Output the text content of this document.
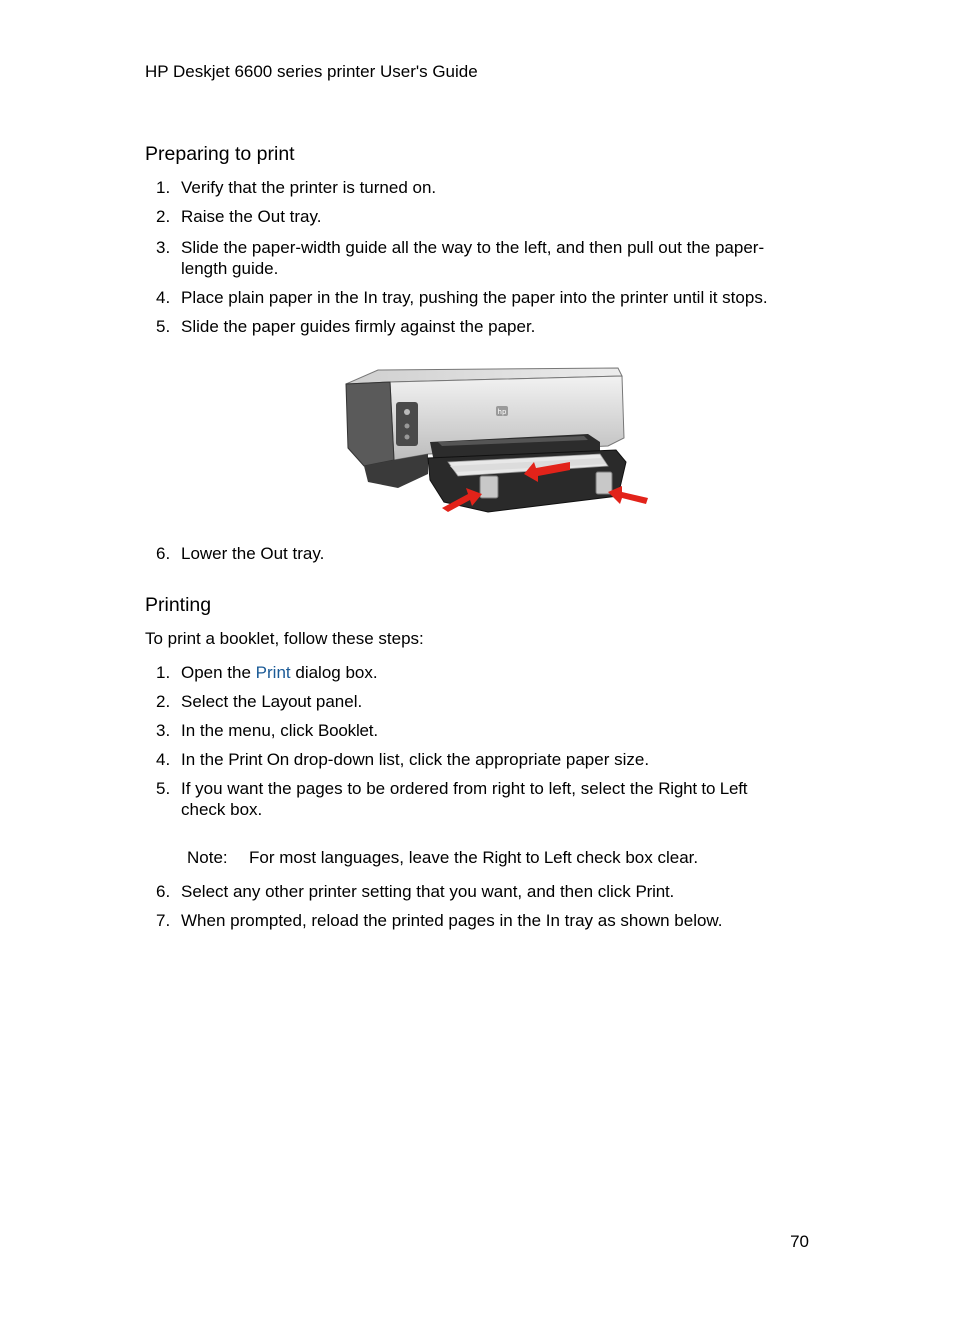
HP Deskjet 6600 series printer User's Guide
Preparing to print
1. Verify that the printer is turned on.
2. Raise the Out tray.
3. Slide the paper-width guide all the way to the left, and then pull out the paper-
length guide.
4. Place plain paper in the In tray, pushing the paper into the printer until it stops.
5. Slide the paper guides firmly against the paper.
hp
6. Lower the Out tray.
Printing
To print a booklet, follow these steps:
1. Open the Print dialog box.
2. Select the Layout panel.
3. In the menu, click Booklet.
4. In the Print On drop-down list, click the appropriate paper size.
5. If you want the pages to be ordered from right to left, select the Right to Left
check box.
Note: For most languages, leave the Right to Left check box clear.
6. Select any other printer setting that you want, and then click Print.
7. When prompted, reload the printed pages in the In tray as shown below.
70
